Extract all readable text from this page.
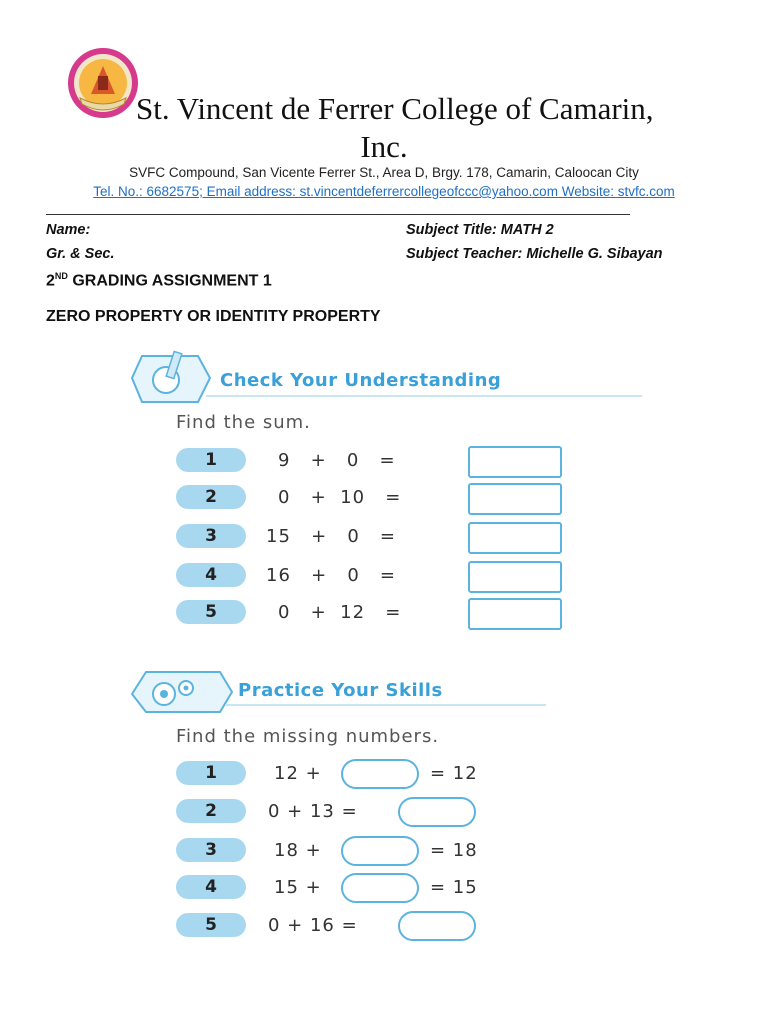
St. Vincent de Ferrer College of Camarin,
Inc.
SVFC Compound, San Vicente Ferrer St., Area D, Brgy. 178, Camarin, Caloocan City
Tel. No.: 6682575; Email address: st.vincentdeferrercollegeofccc@yahoo.com Website: stvfc.com
Name:
Gr. & Sec.
Subject Title: MATH 2
Subject Teacher: Michelle G. Sibayan
2ND GRADING ASSIGNMENT 1
ZERO PROPERTY OR IDENTITY PROPERTY
Check Your Understanding
Find the sum.
1	9   +   0   =
2	0   +  10   =
3	15   +   0   =
4	16   +   0   =
5	0   +  12   =
Practice Your Skills
Find the missing numbers.
1	12 +	= 12
2	0 + 13 =
3	18 +	= 18
4	15 +	= 15
5	0 + 16 =
